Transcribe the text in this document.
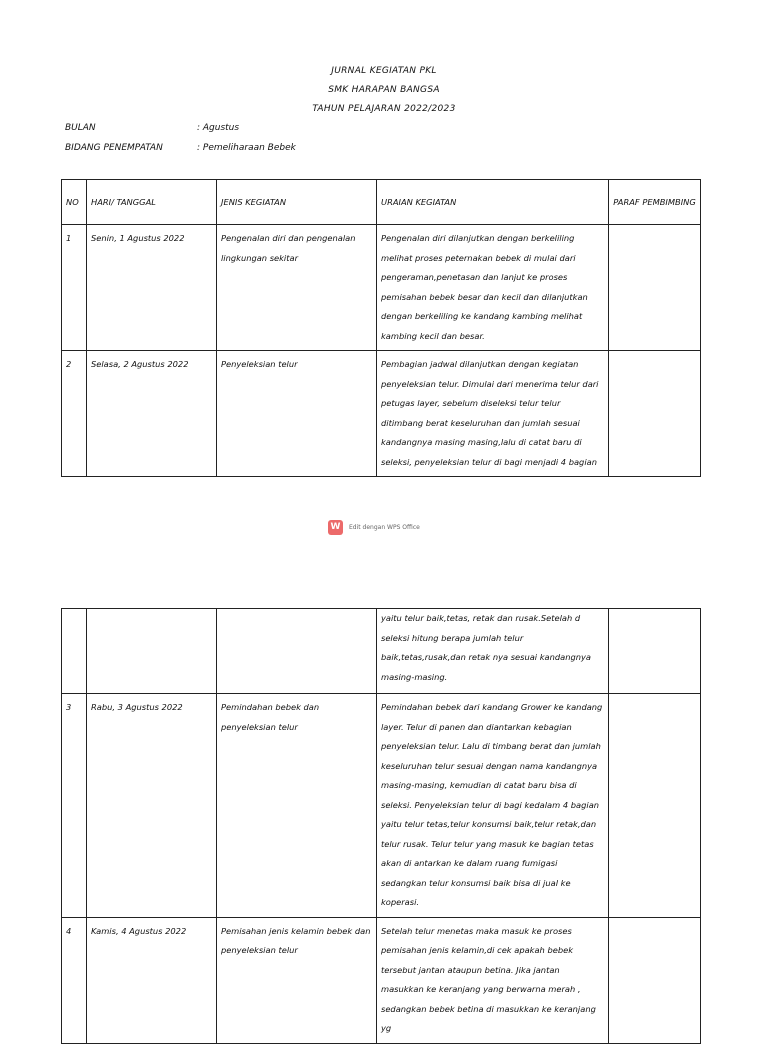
JURNAL KEGIATAN PKL
SMK HARAPAN BANGSA
TAHUN PELAJARAN 2022/2023
BULAN	: Agustus
BIDANG PENEMPATAN	: Pemeliharaan Bebek
NO	HARI/ TANGGAL	JENIS KEGIATAN	URAIAN KEGIATAN	PARAF PEMBIMBING
1	Senin, 1 Agustus 2022	Pengenalan diri dan pengenalan lingkungan sekitar	Pengenalan diri dilanjutkan dengan berkeliling melihat proses peternakan bebek di mulai dari pengeraman,penetasan dan lanjut ke proses pemisahan bebek besar dan kecil dan dilanjutkan dengan berkeliling ke kandang kambing melihat kambing kecil dan besar.	
2	Selasa, 2 Agustus 2022	Penyeleksian telur	Pembagian jadwal dilanjutkan dengan kegiatan penyeleksian telur. Dimulai dari menerima telur dari petugas layer, sebelum diseleksi telur telur ditimbang berat keseluruhan dan jumlah sesuai kandangnya masing masing,lalu di catat baru di seleksi, penyeleksian telur di bagi menjadi 4 bagian	
W	Edit dengan WPS Office
			yaitu telur baik,tetas, retak dan rusak.Setelah d seleksi hitung berapa jumlah telur baik,tetas,rusak,dan retak nya sesuai kandangnya masing-masing.	
3	Rabu, 3 Agustus 2022	Pemindahan bebek dan penyeleksian telur	Pemindahan bebek dari kandang Grower ke kandang layer. Telur di panen dan diantarkan kebagian penyeleksian telur. Lalu di timbang berat dan jumlah keseluruhan telur sesuai dengan nama kandangnya masing-masing, kemudian di catat baru bisa di seleksi. Penyeleksian telur di bagi kedalam 4 bagian yaitu telur tetas,telur konsumsi baik,telur retak,dan telur rusak. Telur telur yang masuk ke bagian tetas akan di antarkan ke dalam ruang fumigasi sedangkan telur konsumsi baik bisa di jual ke koperasi.	
4	Kamis, 4 Agustus 2022	Pemisahan jenis kelamin bebek dan penyeleksian telur	Setelah telur menetas maka masuk ke proses pemisahan jenis kelamin,di cek apakah bebek tersebut jantan ataupun betina. Jika jantan masukkan ke keranjang yang berwarna merah , sedangkan bebek betina di masukkan ke keranjang yg	
